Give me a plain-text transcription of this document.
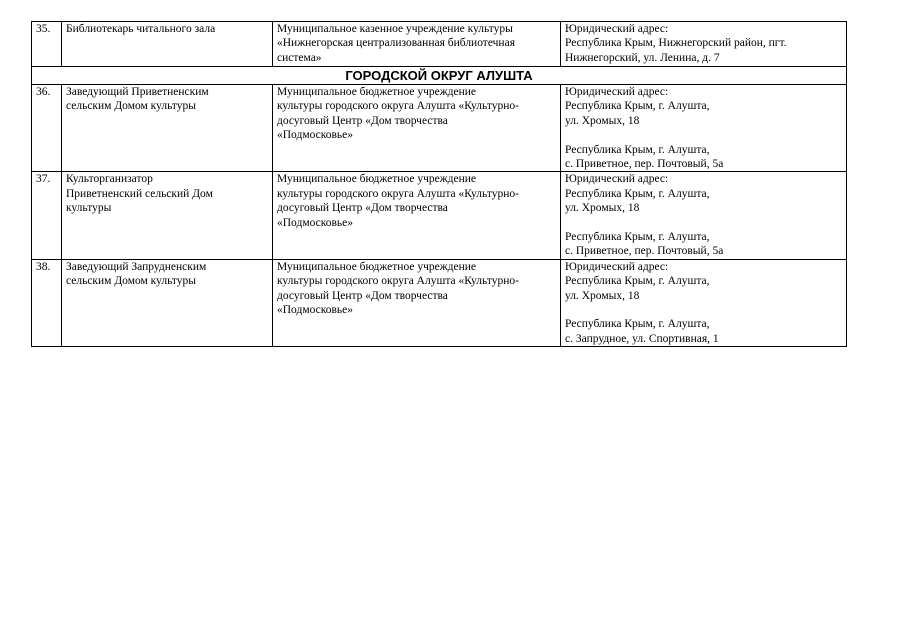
35.	Библиотекарь читального зала	Муниципальное казенное учреждение культуры
«Нижнегорская централизованная библиотечная
система»	Юридический адрес:
Республика Крым, Нижнегорский район, пгт.
Нижнегорский, ул. Ленина, д. 7

ГОРОДСКОЙ ОКРУГ АЛУШТА			
36.	Заведующий Приветненским
сельским Домом культуры	Муниципальное бюджетное учреждение
культуры городского округа Алушта «Культурно-
досуговый Центр «Дом творчества
«Подмосковье»	Юридический адрес:
Республика Крым, г. Алушта,
ул. Хромых, 18
Республика Крым, г. Алушта,
с. Приветное, пер. Почтовый, 5а

37.	Культорганизатор
Приветненский сельский Дом
культуры	Муниципальное бюджетное учреждение
культуры городского округа Алушта «Культурно-
досуговый Центр «Дом творчества
«Подмосковье»	Юридический адрес:
Республика Крым, г. Алушта,
ул. Хромых, 18
Республика Крым, г. Алушта,
с. Приветное, пер. Почтовый, 5а

38.	Заведующий Запрудненским
сельским Домом культуры	Муниципальное бюджетное учреждение
культуры городского округа Алушта «Культурно-
досуговый Центр «Дом творчества
«Подмосковье»	Юридический адрес:
Республика Крым, г. Алушта,
ул. Хромых, 18
Республика Крым, г. Алушта,
с. Запрудное, ул. Спортивная, 1
